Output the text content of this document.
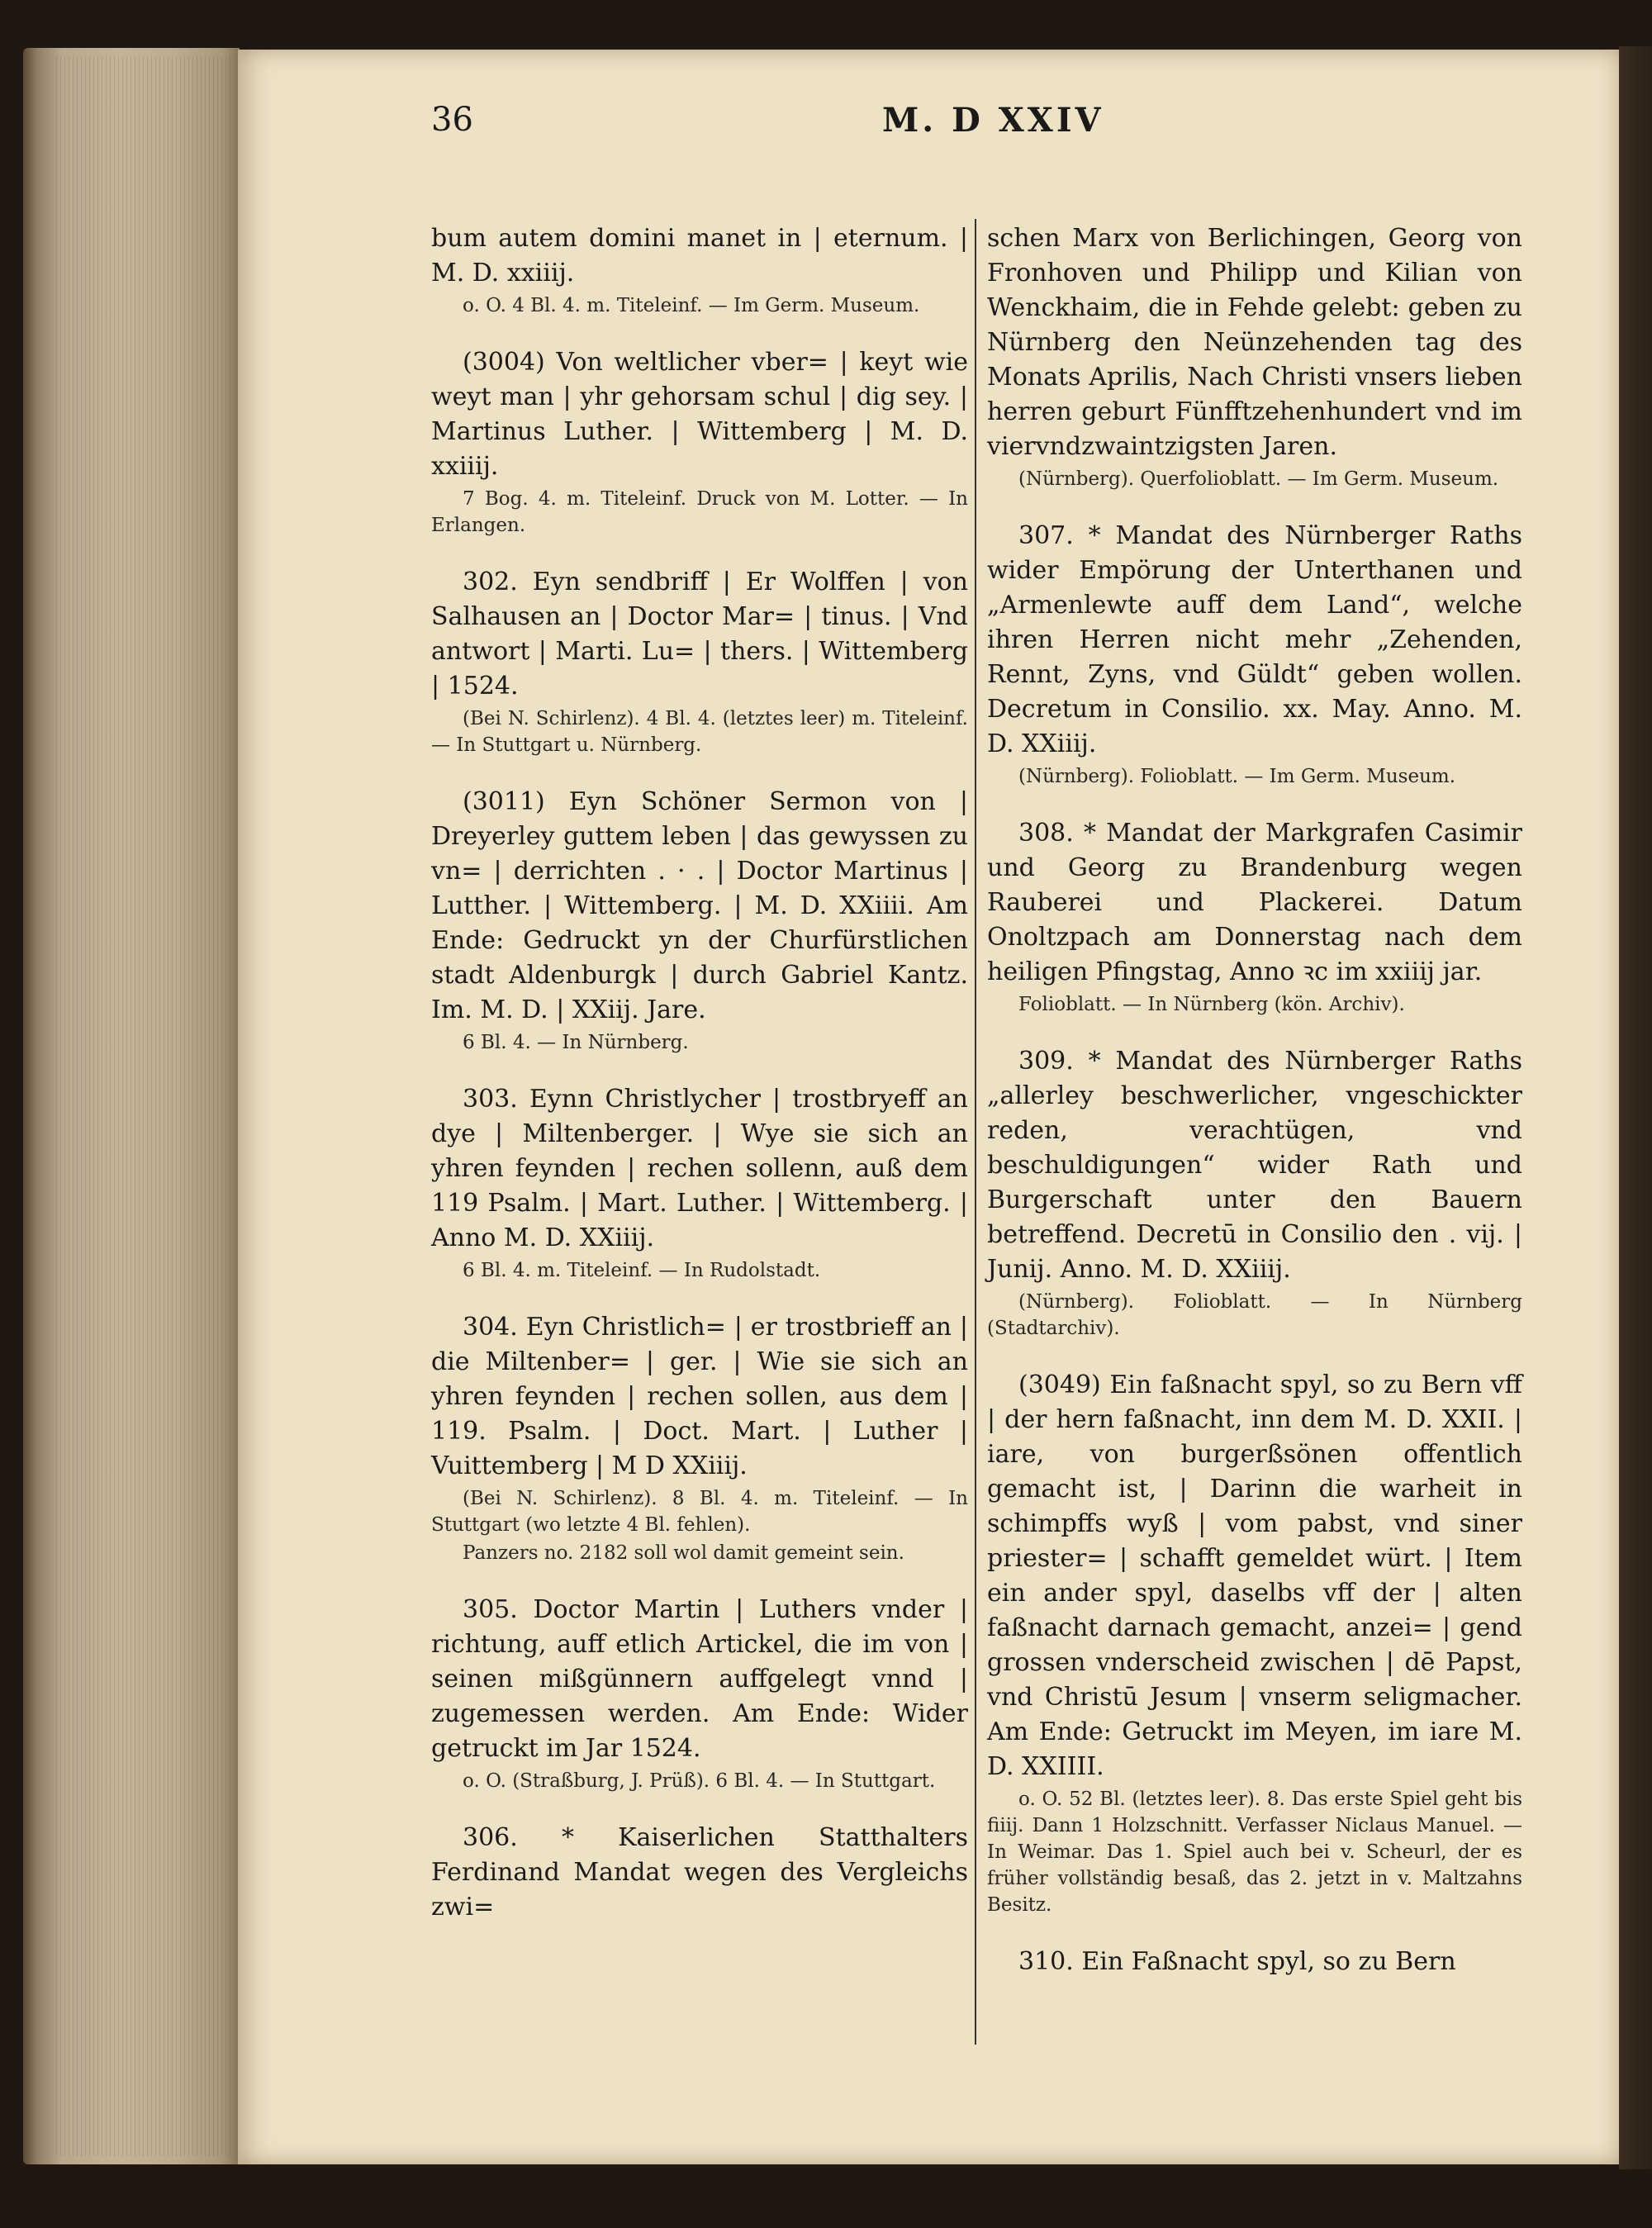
36	M. D XXIV

bum autem domini manet in | eternum. | M. D. xxiiij.

o. O. 4 Bl. 4. m. Titeleinf. — Im Germ. Museum.

(3004) Von weltlicher vber= | keyt wie weyt man | yhr gehorsam schul | dig sey. | Martinus Luther. | Wittemberg | M. D. xxiiij.

7 Bog. 4. m. Titeleinf. Druck von M. Lotter. — In Erlangen.

302. Eyn sendbriff | Er Wolffen | von Salhausen an | Doctor Mar= | tinus. | Vnd antwort | Marti. Lu= | thers. | Wittemberg | 1524.

(Bei N. Schirlenz). 4 Bl. 4. (letztes leer) m. Titeleinf. — In Stuttgart u. Nürnberg.

(3011) Eyn Schöner Sermon von | Dreyerley guttem leben | das gewyssen zu vn= | derrichten . · . | Doctor Martinus | Lutther. | Wittemberg. | M. D. XXiiii. Am Ende: Gedruckt yn der Churfürstlichen stadt Aldenburgk | durch Gabriel Kantz. Im. M. D. | XXiij. Jare.

6 Bl. 4. — In Nürnberg.

303. Eynn Christlycher | trostbryeff an dye | Miltenberger. | Wye sie sich an yhren feynden | rechen sollenn, auß dem 119 Psalm. | Mart. Luther. | Wittemberg. | Anno M. D. XXiiij.

6 Bl. 4. m. Titeleinf. — In Rudolstadt.

304. Eyn Christlich= | er trostbrieff an | die Miltenber= | ger. | Wie sie sich an yhren feynden | rechen sollen, aus dem | 119. Psalm. | Doct. Mart. | Luther | Vuittemberg | M D XXiiij.

(Bei N. Schirlenz). 8 Bl. 4. m. Titeleinf. — In Stuttgart (wo letzte 4 Bl. fehlen).

Panzers no. 2182 soll wol damit gemeint sein.

305. Doctor Martin | Luthers vnder | richtung, auff etlich Artickel, die im von | seinen mißgünnern auffgelegt vnnd | zugemessen werden. Am Ende: Wider getruckt im Jar 1524.

o. O. (Straßburg, J. Prüß). 6 Bl. 4. — In Stuttgart.

306. * Kaiserlichen Statthalters Ferdinand Mandat wegen des Vergleichs zwi=

schen Marx von Berlichingen, Georg von Fronhoven und Philipp und Kilian von Wenckhaim, die in Fehde gelebt: geben zu Nürnberg den Neünzehenden tag des Monats Aprilis, Nach Christi vnsers lieben herren geburt Fünfftzehenhundert vnd im viervndzwaintzigsten Jaren.

(Nürnberg). Querfolioblatt. — Im Germ. Museum.

307. * Mandat des Nürnberger Raths wider Empörung der Unterthanen und „Armenlewte auff dem Land“, welche ihren Herren nicht mehr „Zehenden, Rennt, Zyns, vnd Güldt“ geben wollen. Decretum in Consilio. xx. May. Anno. M. D. XXiiij.

(Nürnberg). Folioblatt. — Im Germ. Museum.

308. * Mandat der Markgrafen Casimir und Georg zu Brandenburg wegen Rauberei und Plackerei. Datum Onoltzpach am Donnerstag nach dem heiligen Pfingstag, Anno ꝛc im xxiiij jar.

Folioblatt. — In Nürnberg (kön. Archiv).

309. * Mandat des Nürnberger Raths „allerley beschwerlicher, vngeschickter reden, verachtügen, vnd beschuldigungen“ wider Rath und Burgerschaft unter den Bauern betreffend. Decretū in Consilio den . vij. | Junij. Anno. M. D. XXiiij.

(Nürnberg). Folioblatt. — In Nürnberg (Stadtarchiv).

(3049) Ein faßnacht spyl, so zu Bern vff | der hern faßnacht, inn dem M. D. XXII. | iare, von burgerßsönen offentlich gemacht ist, | Darinn die warheit in schimpffs wyß | vom pabst, vnd siner priester= | schafft gemeldet würt. | Item ein ander spyl, daselbs vff der | alten faßnacht darnach gemacht, anzei= | gend grossen vnderscheid zwischen | dē Papst, vnd Christū Jesum | vnserm seligmacher. Am Ende: Getruckt im Meyen, im iare M. D. XXIIII.

o. O. 52 Bl. (letztes leer). 8. Das erste Spiel geht bis fiiij. Dann 1 Holzschnitt. Verfasser Niclaus Manuel. — In Weimar. Das 1. Spiel auch bei v. Scheurl, der es früher vollständig besaß, das 2. jetzt in v. Maltzahns Besitz.

310. Ein Faßnacht spyl, so zu Bern
